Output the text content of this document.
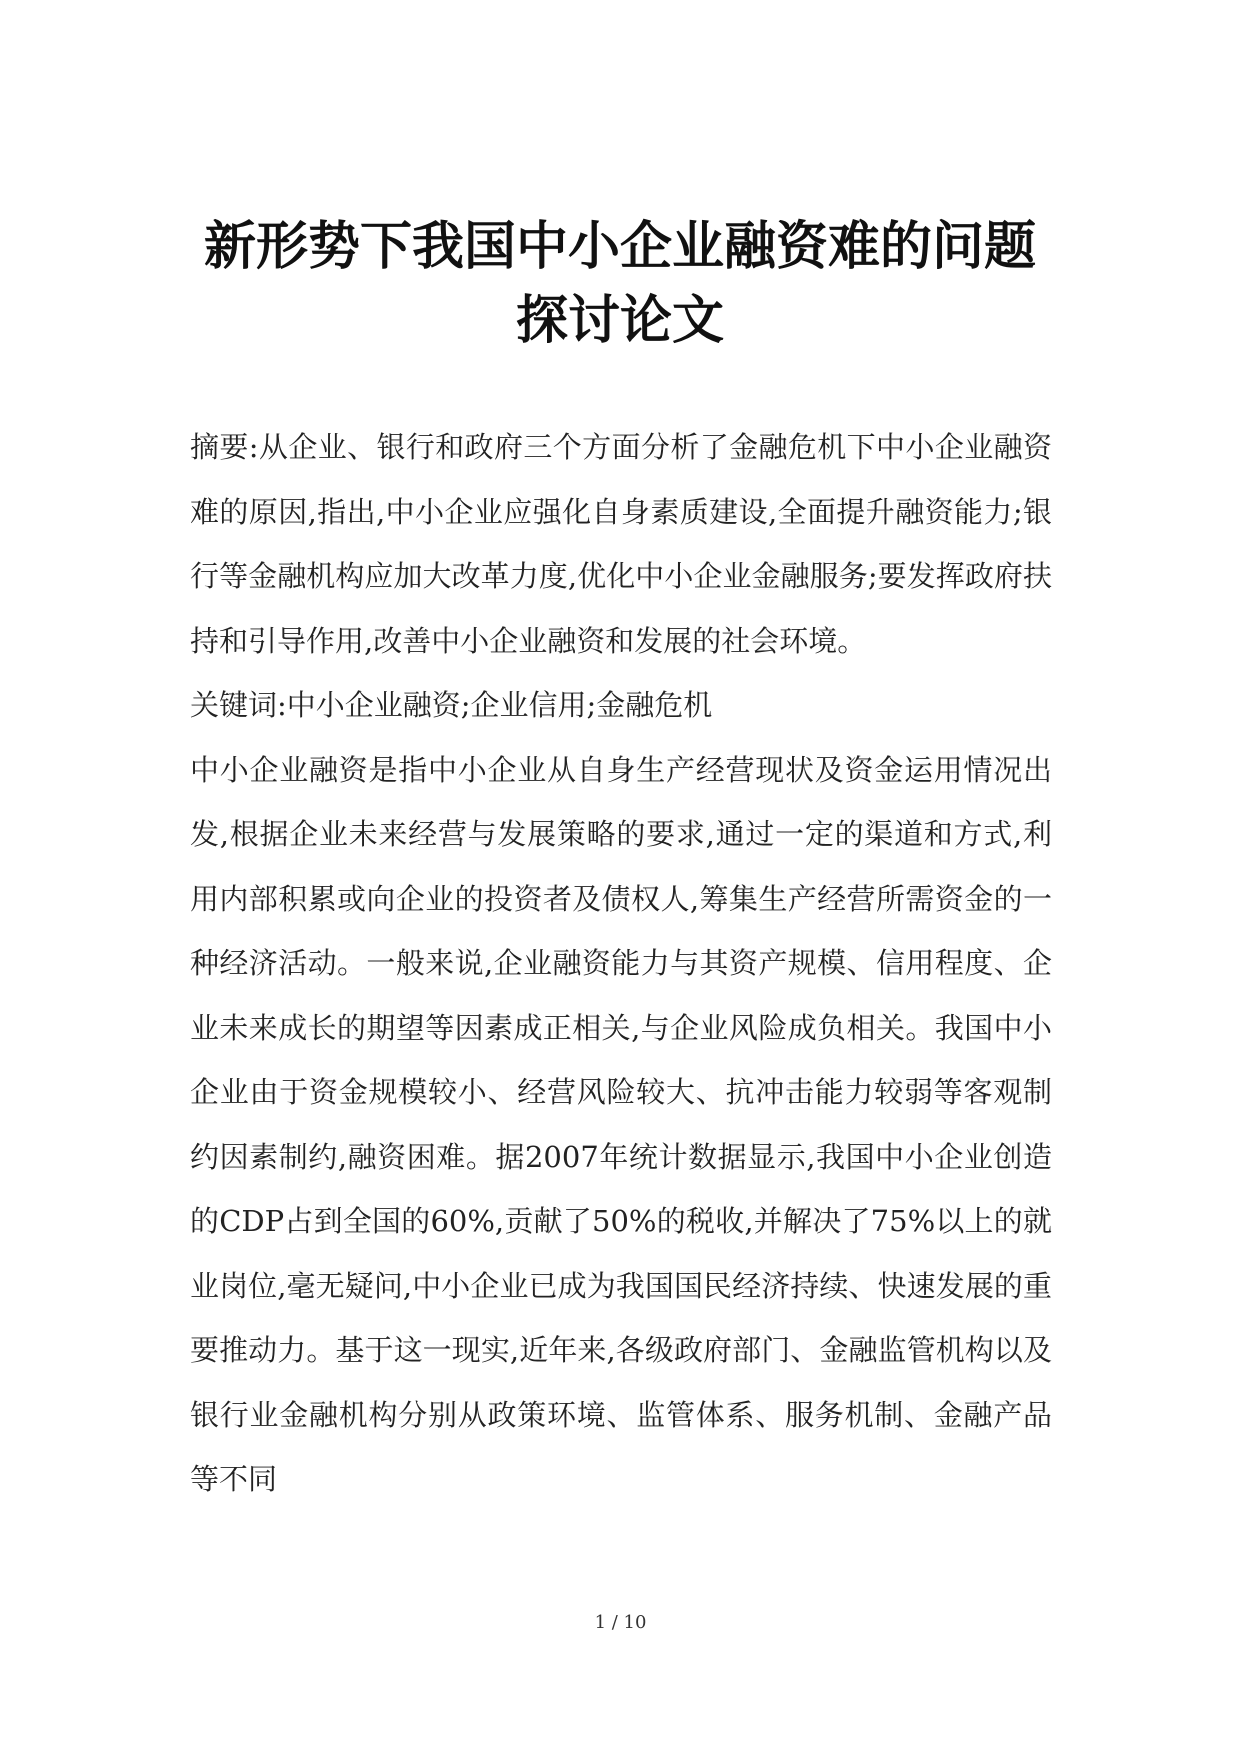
新形势下我国中小企业融资难的问题探讨论文

摘要:从企业、银行和政府三个方面分析了金融危机下中小企业融资难的原因,指出,中小企业应强化自身素质建设,全面提升融资能力;银行等金融机构应加大改革力度,优化中小企业金融服务;要发挥政府扶持和引导作用,改善中小企业融资和发展的社会环境。

关键词:中小企业融资;企业信用;金融危机

中小企业融资是指中小企业从自身生产经营现状及资金运用情况出发,根据企业未来经营与发展策略的要求,通过一定的渠道和方式,利用内部积累或向企业的投资者及债权人,筹集生产经营所需资金的一种经济活动。一般来说,企业融资能力与其资产规模、信用程度、企业未来成长的期望等因素成正相关,与企业风险成负相关。我国中小企业由于资金规模较小、经营风险较大、抗冲击能力较弱等客观制约因素制约,融资困难。据2007年统计数据显示,我国中小企业创造的CDP占到全国的60%,贡献了50%的税收,并解决了75%以上的就业岗位,毫无疑问,中小企业已成为我国国民经济持续、快速发展的重要推动力。基于这一现实,近年来,各级政府部门、金融监管机构以及银行业金融机构分别从政策环境、监管体系、服务机制、金融产品等不同

1 / 10
